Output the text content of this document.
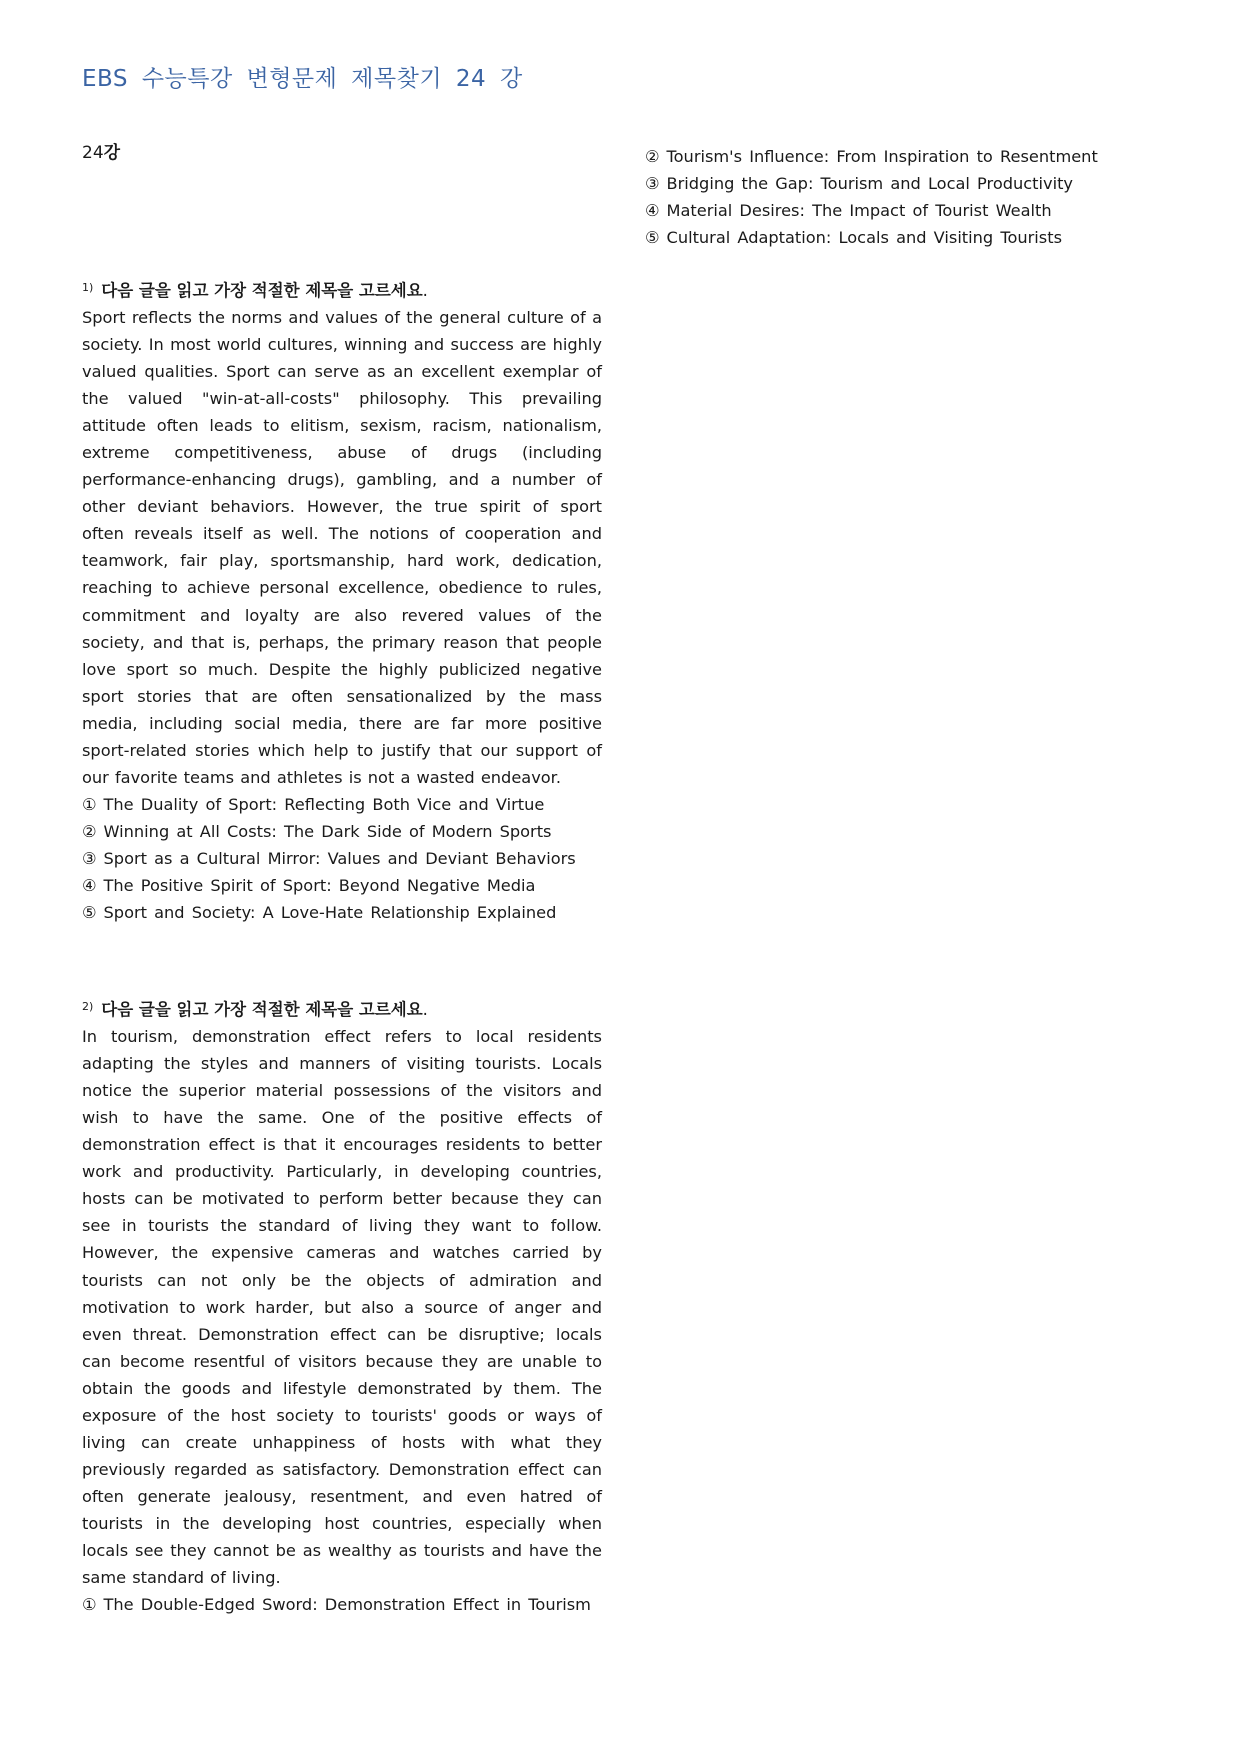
EBS 수능특강 변형문제 제목찾기 24 강

24강

$^{1)}$ 다음 글을 읽고 가장 적절한 제목을 고르세요.

Sport reflects the norms and values of the general culture of a society. In most world cultures, winning and success are highly valued qualities. Sport can serve as an excellent exemplar of the valued "win-at-all-costs" philosophy. This prevailing attitude often leads to elitism, sexism, racism, nationalism, extreme competitiveness, abuse of drugs (including performance-enhancing drugs), gambling, and a number of other deviant behaviors. However, the true spirit of sport often reveals itself as well. The notions of cooperation and teamwork, fair play, sportsmanship, hard work, dedication, reaching to achieve personal excellence, obedience to rules, commitment and loyalty are also revered values of the society, and that is, perhaps, the primary reason that people love sport so much. Despite the highly publicized negative sport stories that are often sensationalized by the mass media, including social media, there are far more positive sport-related stories which help to justify that our support of our favorite teams and athletes is not a wasted endeavor.

① The Duality of Sport: Reflecting Both Vice and Virtue
② Winning at All Costs: The Dark Side of Modern Sports
③ Sport as a Cultural Mirror: Values and Deviant Behaviors
④ The Positive Spirit of Sport: Beyond Negative Media
⑤ Sport and Society: A Love-Hate Relationship Explained

$^{2)}$ 다음 글을 읽고 가장 적절한 제목을 고르세요.

In tourism, demonstration effect refers to local residents adapting the styles and manners of visiting tourists. Locals notice the superior material possessions of the visitors and wish to have the same. One of the positive effects of demonstration effect is that it encourages residents to better work and productivity. Particularly, in developing countries, hosts can be motivated to perform better because they can see in tourists the standard of living they want to follow. However, the expensive cameras and watches carried by tourists can not only be the objects of admiration and motivation to work harder, but also a source of anger and even threat. Demonstration effect can be disruptive; locals can become resentful of visitors because they are unable to obtain the goods and lifestyle demonstrated by them. The exposure of the host society to tourists' goods or ways of living can create unhappiness of hosts with what they previously regarded as satisfactory. Demonstration effect can often generate jealousy, resentment, and even hatred of tourists in the developing host countries, especially when locals see they cannot be as wealthy as tourists and have the same standard of living.

① The Double-Edged Sword: Demonstration Effect in Tourism
② Tourism's Influence: From Inspiration to Resentment
③ Bridging the Gap: Tourism and Local Productivity
④ Material Desires: The Impact of Tourist Wealth
⑤ Cultural Adaptation: Locals and Visiting Tourists
